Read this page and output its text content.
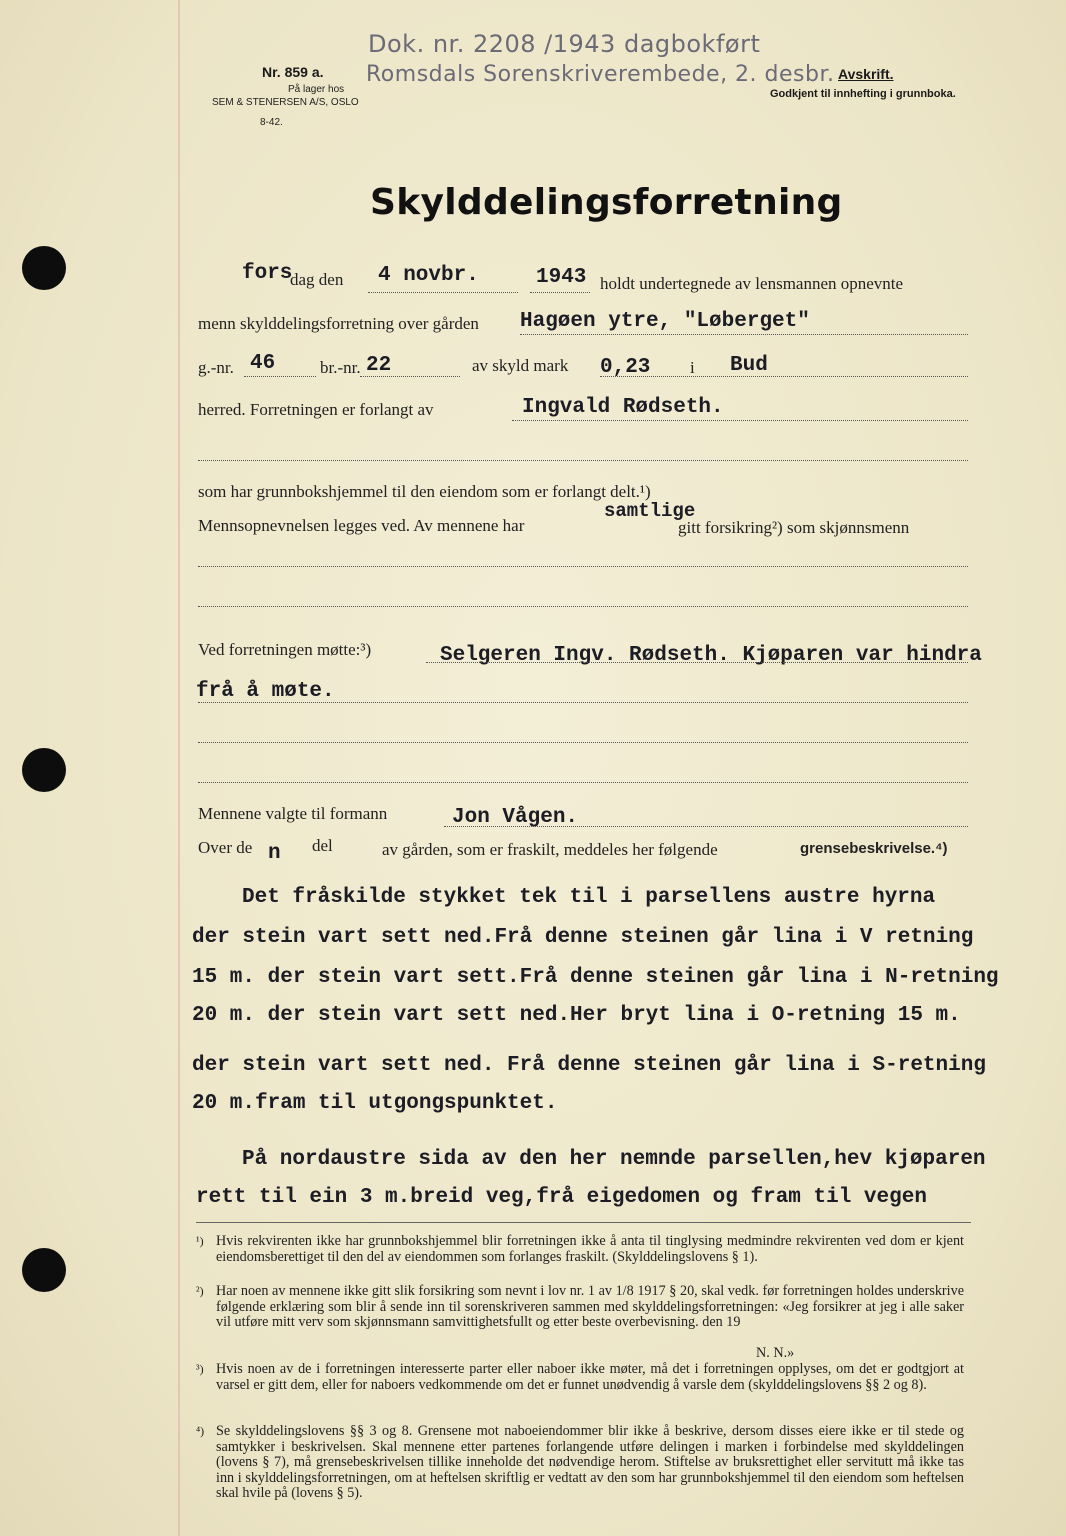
Nr. 859 a.
På lager hos
SEM & STENERSEN A/S, OSLO
8-42.
Dok. nr. 2208 /1943 dagbokført
Romsdals Sorenskriverembede, 2. desbr. Avskrift.
Godkjent til innhefting i grunnboka.
Skylddelingsforretning
fors
dag den 4 novbr.	1943 holdt undertegnede av lensmannen opnevnte
menn skylddelingsforretning over gården Hagøen ytre, "Løberget"
g.-nr. 46	br.-nr. 22	av skyld mark 0,23 i Bud
herred. Forretningen er forlangt av	Ingvald Rødseth.
som har grunnbokshjemmel til den eiendom som er forlangt delt.¹)
Mennsopnevnelsen legges ved. Av mennene har
samtlige
gitt forsikring²) som skjønnsmenn
Ved forretningen møtte:³)	Selgeren Ingv. Rødseth. Kjøparen var hindra
frå å møte.
Mennene valgte til formann	Jon Vågen.
Over de n del	av gården, som er fraskilt, meddeles her følgende	grensebeskrivelse.⁴)
Det fråskilde stykket tek til i parsellens austre hyrna
der stein vart sett ned.Frå denne steinen går lina i V retning
15 m. der stein vart sett.Frå denne steinen går lina i N-retning
20 m. der stein vart sett ned.Her bryt lina i O-retning 15 m.
der stein vart sett ned. Frå denne steinen går lina i S-retning
20 m.fram til utgongspunktet.
På nordaustre sida av den her nemnde parsellen,hev kjøparen
rett til ein 3 m.breid veg,frå eigedomen og fram til vegen
¹) Hvis rekvirenten ikke har grunnbokshjemmel blir forretningen ikke å anta til tinglysing medmindre rekvirenten ved dom er kjent eiendomsberettiget til den del av eiendommen som forlanges fraskilt. (Skylddelingslovens § 1).
²) Har noen av mennene ikke gitt slik forsikring som nevnt i lov nr. 1 av 1/8 1917 § 20, skal vedk. før forretningen holdes underskrive følgende erklæring som blir å sende inn til sorenskriveren sammen med skylddelingsforretningen: «Jeg forsikrer at jeg i alle saker vil utføre mitt verv som skjønnsmann samvittighetsfullt og etter beste overbevisning. den 19
N. N.»
³) Hvis noen av de i forretningen interesserte parter eller naboer ikke møter, må det i forretningen opplyses, om det er godtgjort at varsel er gitt dem, eller for naboers vedkommende om det er funnet unødvendig å varsle dem (skylddelingslovens §§ 2 og 8).
⁴) Se skylddelingslovens §§ 3 og 8. Grensene mot naboeiendommer blir ikke å beskrive, dersom disses eiere ikke er til stede og samtykker i beskrivelsen. Skal mennene etter partenes forlangende utføre delingen i marken i forbindelse med skylddelingen (lovens § 7), må grensebeskrivelsen tillike inneholde det nødvendige herom. Stiftelse av bruksrettighet eller servitutt må ikke tas inn i skylddelingsforretningen, om at heftelsen skriftlig er vedtatt av den som har grunnbokshjemmel til den eiendom som heftelsen skal hvile på (lovens § 5).
